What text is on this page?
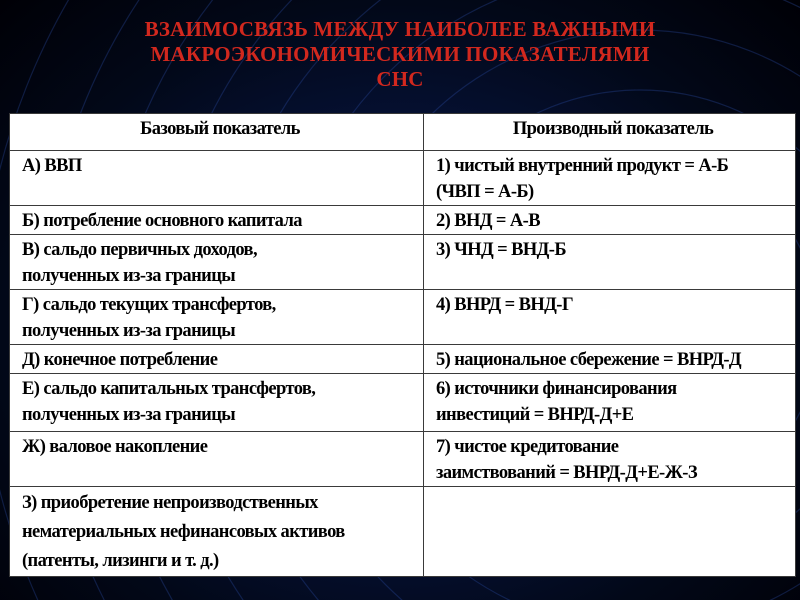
ВЗАИМОСВЯЗЬ МЕЖДУ НАИБОЛЕЕ ВАЖНЫМИ
МАКРОЭКОНОМИЧЕСКИМИ ПОКАЗАТЕЛЯМИ
СНС
Базовый показатель	Производный показатель

А) ВВП	1) чистый внутренний продукт = А-Б
(ЧВП = А-Б)

Б) потребление основного капитала	2) ВНД = А-В

В) сальдо первичных доходов,
полученных из-за границы	3) ЧНД = ВНД-Б

Г) сальдо текущих трансфертов,
полученных из-за границы	4) ВНРД = ВНД-Г

Д) конечное потребление	5) национальное сбережение = ВНРД-Д

Е) сальдо капитальных трансфертов,
полученных из-за границы	6) источники финансирования
инвестиций = ВНРД-Д+Е

Ж) валовое накопление	7) чистое кредитование
заимствований = ВНРД-Д+Е-Ж-З

З) приобретение непроизводственных
нематериальных нефинансовых активов
(патенты, лизинги и т. д.)	
		MyShared
